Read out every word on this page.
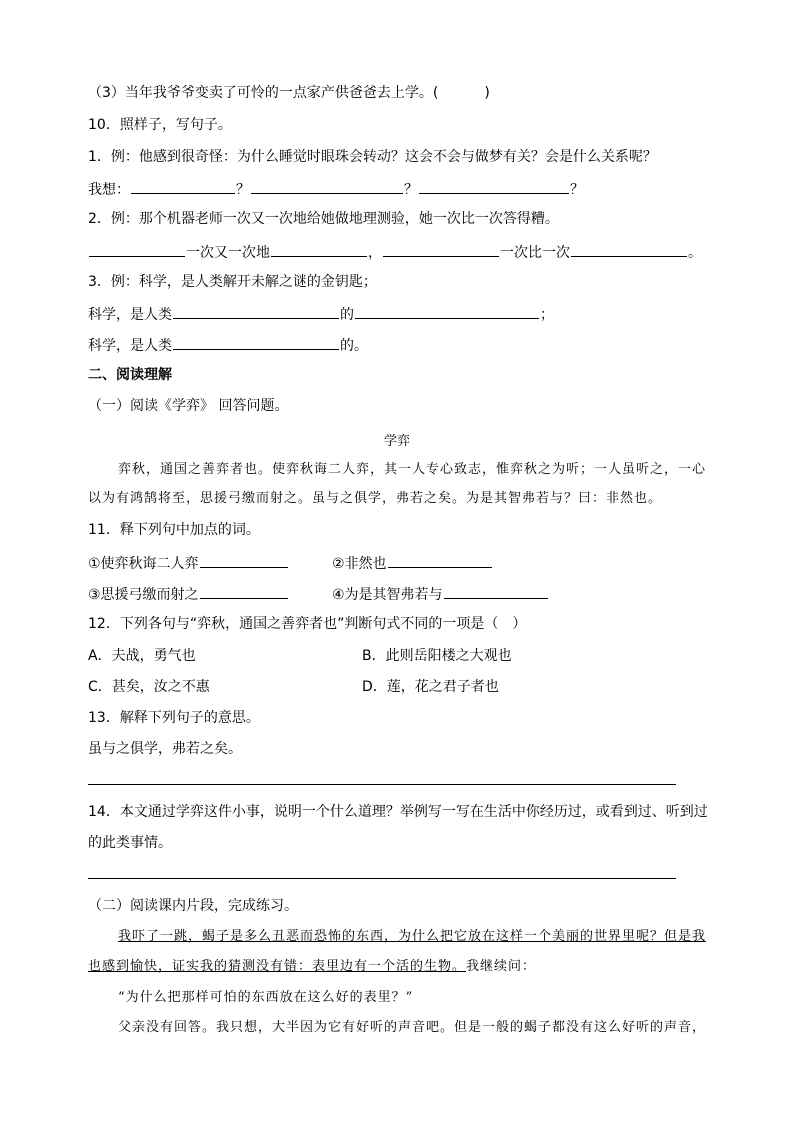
（3）当年我爷爷变卖了可怜的一点家产供爸爸去上学。(	)
10．照样子，写句子。
1．例：他感到很奇怪：为什么睡觉时眼珠会转动？这会不会与做梦有关？会是什么关系呢？
我想：	？	？	？
2．例：那个机器老师一次又一次地给她做地理测验，她一次比一次答得糟。
一次又一次地	，	一次比一次	。
3．例：科学，是人类解开未解之谜的金钥匙；
科学，是人类	的	；
科学，是人类	的。
二、阅读理解
（一）阅读《学弈》 回答问题。
学弈
弈秋，通国之善弈者也。使弈秋诲二人弈，其一人专心致志，惟弈秋之为听；一人虽听之，一心
以为有鸿鹄将至，思援弓缴而射之。虽与之俱学，弗若之矣。为是其智弗若与？曰：非然也。
11．释下列句中加点的词。
①使弈秋诲二人弈	②非然也
③思援弓缴而射之	④为是其智弗若与
12．下列各句与“弈秋，通国之善弈者也”判断句式不同的一项是（　）
A．夫战，勇气也	B．此则岳阳楼之大观也
C．甚矣，汝之不惠	D．莲，花之君子者也
13．解释下列句子的意思。
虽与之俱学，弗若之矣。
14．本文通过学弈这件小事，说明一个什么道理？举例写一写在生活中你经历过，或看到过、听到过
的此类事情。
（二）阅读课内片段，完成练习。
我吓了一跳，蝎子是多么丑恶而恐怖的东西，为什么把它放在这样一个美丽的世界里呢？但是我
也感到愉快，证实我的猜测没有错：表里边有一个活的生物。我继续问：
“为什么把那样可怕的东西放在这么好的表里？”
父亲没有回答。我只想，大半因为它有好听的声音吧。但是一般的蝎子都没有这么好听的声音，
